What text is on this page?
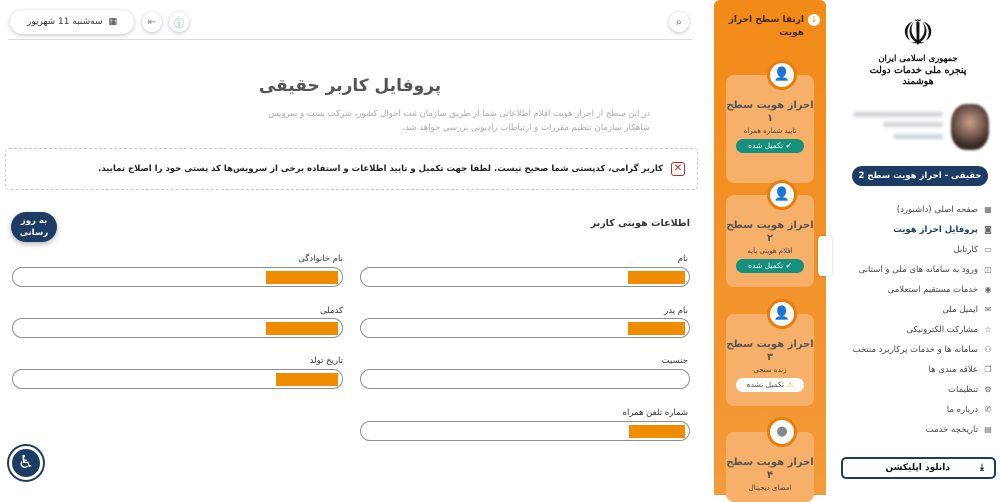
▦
سه‌شنبه 11 شهریور	⇤	ⓘ	⌕
پروفایل کاربر حقیقی
در این سطح از احراز هویت اقلام اطلاعاتی شما از طریق سازمان ثبت احوال کشور، شرکت پست و سرویس شاهکار سازمان تنظیم مقررات و ارتباطات رادیویی بررسی خواهد شد.
✕
کاربر گرامی، کدپستی شما صحیح نیست. لطفا جهت تکمیل و تایید اطلاعات و استفاده برخی از سرویس‌ها کد پستی خود را اصلاح نمایید.
اطلاعات هویتی کاربر
به روز رسانی
نام
نام پدر
جنسیت
شماره تلفن همراه
نام خانوادگی
کدملی
تاریخ تولد
♿
↓
ارتقا سطح احراز هویت
👤
احراز هویت سطح ۱
تایید شماره همراه
✔ تکمیل شده
👤
احراز هویت سطح ۲
اقلام هویتی پایه
✔ تکمیل شده
👤
احراز هویت سطح ۳
زنده سنجی
⚠ تکمیل نشده
●
احراز هویت سطح ۴
امضای دیجیتال
☫
جمهوری اسلامی ایران
پنجره ملی خدمات دولت هوشمند
حقیقی - احراز هویت سطح 2
▦
صفحه اصلی (داشبورد)
◙
پروفایل احراز هویت
▭
کارتابل
◫
ورود به سامانه های ملی و استانی
◉
خدمات مستقیم استعلامی
✉
ایمیل ملی
☆
مشارکت الکترونیکی
⚇
سامانه ها و خدمات پرکاربرد منتخب
❐
علاقه مندی ها
⚙
تنظیمات
✆
درباره ما
▤
تاریخچه خدمت
⤓
دانلود اپلیکشن
